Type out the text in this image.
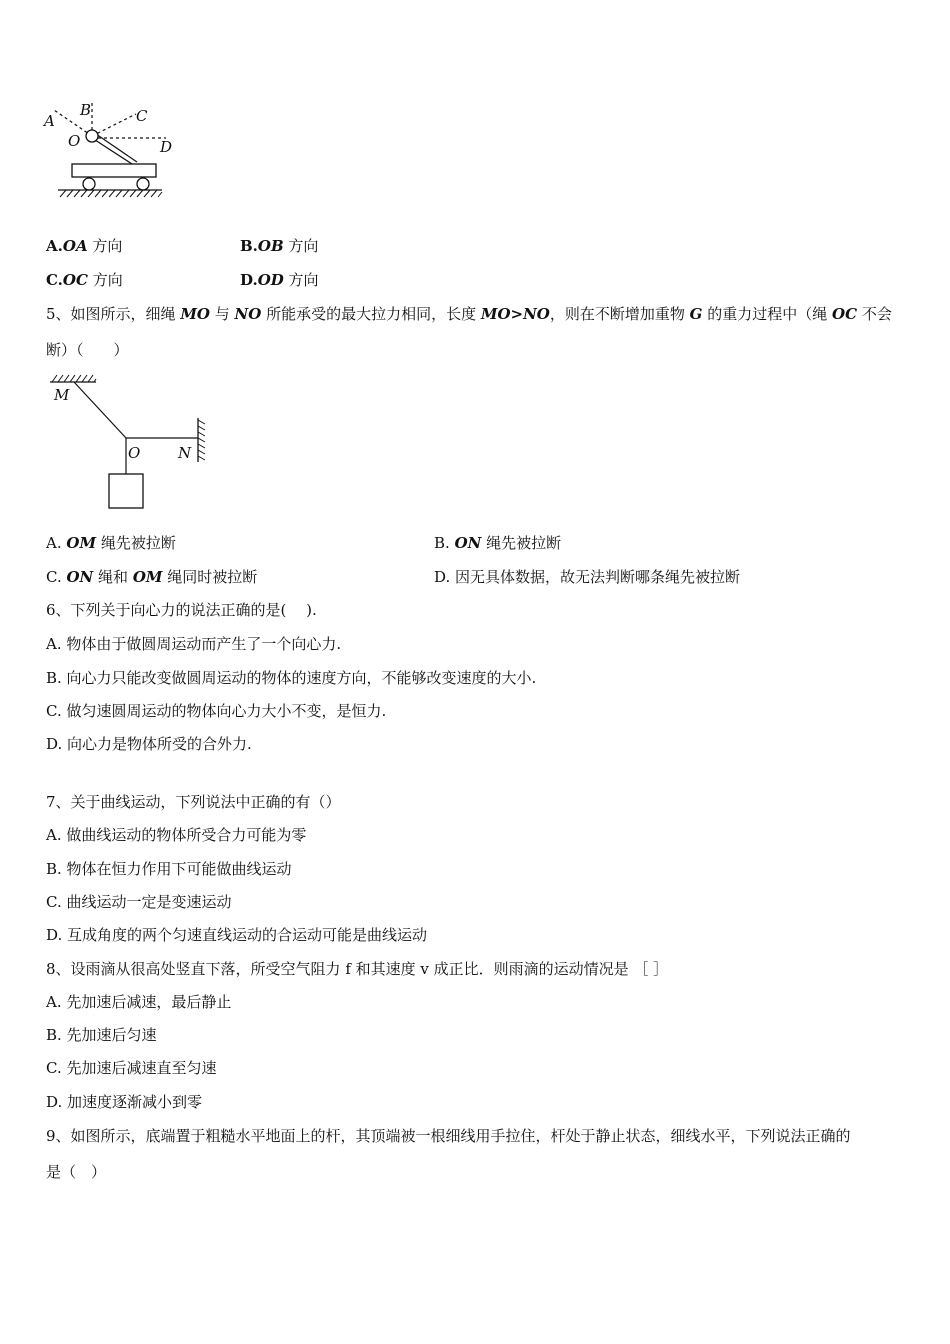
A
B	C
O	D
A.OA 方向	B.OB 方向
C.OC 方向	D.OD 方向
5、如图所示，细绳 MO 与 NO 所能承受的最大拉力相同，长度 MO>NO，则在不断增加重物 G 的重力过程中（绳 OC 不会
断）（　　）
M
O	N
A. OM 绳先被拉断	B. ON 绳先被拉断
C. ON 绳和 OM 绳同时被拉断	D. 因无具体数据，故无法判断哪条绳先被拉断
6、下列关于向心力的说法正确的是(　 ).
A. 物体由于做圆周运动而产生了一个向心力.
B. 向心力只能改变做圆周运动的物体的速度方向，不能够改变速度的大小.
C. 做匀速圆周运动的物体向心力大小不变，是恒力.
D. 向心力是物体所受的合外力.
7、关于曲线运动，下列说法中正确的有（）
A. 做曲线运动的物体所受合力可能为零
B. 物体在恒力作用下可能做曲线运动
C. 曲线运动一定是变速运动
D. 互成角度的两个匀速直线运动的合运动可能是曲线运动
8、设雨滴从很高处竖直下落，所受空气阻力 f 和其速度 v 成正比．则雨滴的运动情况是 ［ ］
A. 先加速后减速，最后静止
B. 先加速后匀速
C. 先加速后减速直至匀速
D. 加速度逐渐减小到零
9、如图所示，底端置于粗糙水平地面上的杆，其顶端被一根细线用手拉住，杆处于静止状态，细线水平，下列说法正确的
是（　）
